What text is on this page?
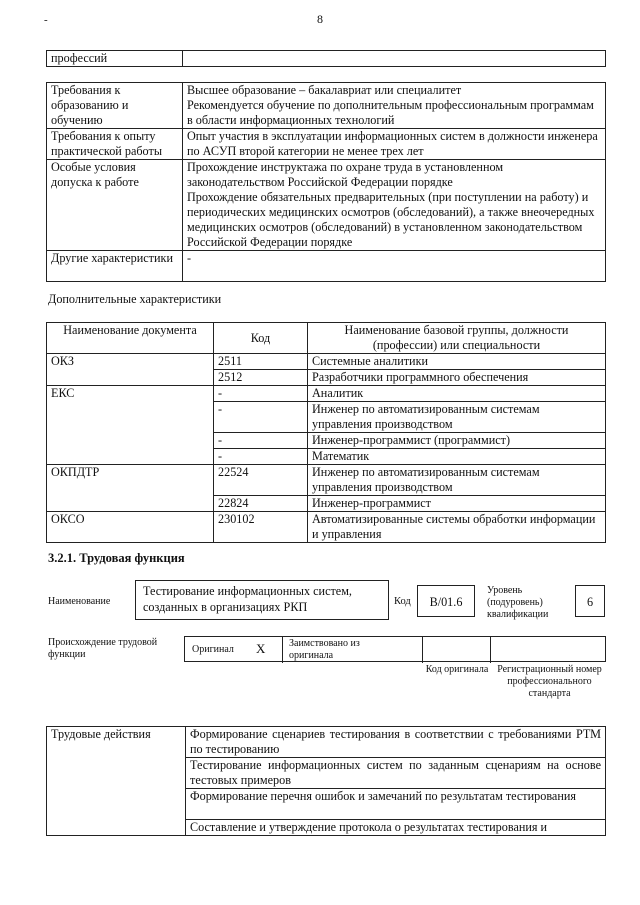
8
-
профессий	
Требования к образованию и обучению	Высшее образование – бакалавриат или специалитет
Рекомендуется обучение по дополнительным профессиональным программам в области информационных технологий

Требования к опыту практической работы	Опыт участия в эксплуатации информационных систем в должности инженера по АСУП второй категории не менее трех лет
Особые условия допуска к работе	Прохождение инструктажа по охране труда в установленном законодательством Российской Федерации порядке
Прохождение обязательных предварительных (при поступлении на работу) и периодических медицинских осмотров (обследований), а также внеочередных медицинских осмотров (обследований) в установленном законодательством Российской Федерации порядке

Другие характеристики	-
Дополнительные характеристики
Наименование документа	Код	Наименование базовой группы, должности (профессии) или специальности
ОКЗ	2511	Системные аналитики
	2512	Разработчики программного обеспечения
ЕКС	-	Аналитик
	-	Инженер по автоматизированным системам управления производством
	-	Инженер-программист (программист)
	-	Математик
ОКПДТР	22524	Инженер по автоматизированным системам управления производством
	22824	Инженер-программист
ОКСО	230102	Автоматизированные системы обработки информации и управления
3.2.1. Трудовая функция
Наименование
Тестирование информационных систем, созданных в организациях РКП	Код	B/01.6
Уровень (подуровень) квалификации
6
Происхождение трудовой функции	Оригинал X Заимствовано из оригинала
Код оригинала Регистрационный номер профессионального стандарта
Трудовые действия	Формирование сценариев тестирования в соответствии с требованиями РТМ по тестированию
Тестирование информационных систем по заданным сценариям на основе тестовых примеров
Формирование перечня ошибок и замечаний по результатам тестирования
Составление и утверждение протокола о результатах тестирования и
